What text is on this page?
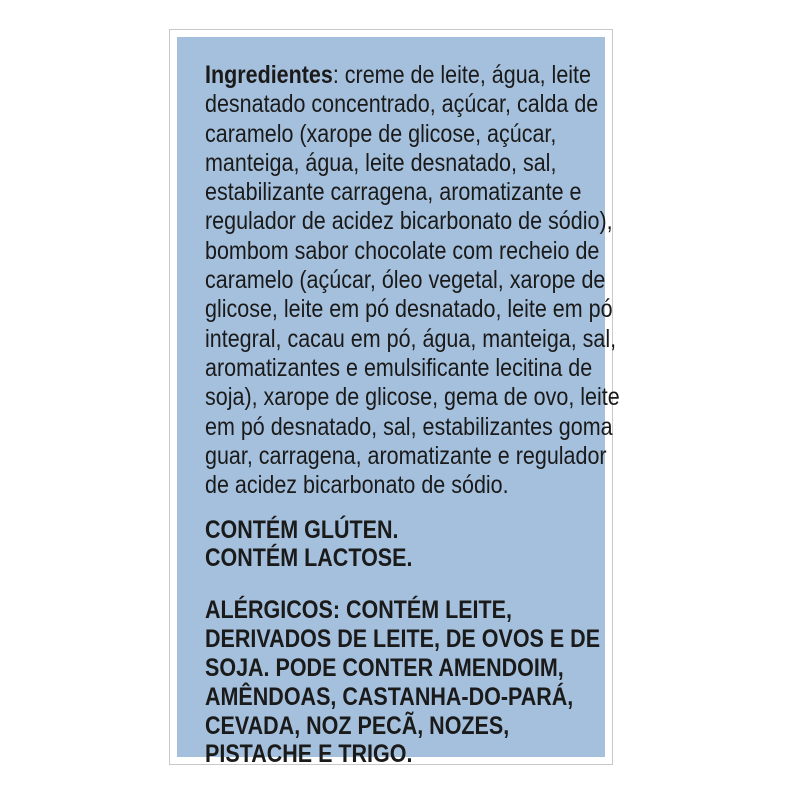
Ingredientes: creme de leite, água, leite
desnatado concentrado, açúcar, calda de
caramelo (xarope de glicose, açúcar,
manteiga, água, leite desnatado, sal,
estabilizante carragena, aromatizante e
regulador de acidez bicarbonato de sódio),
bombom sabor chocolate com recheio de
caramelo (açúcar, óleo vegetal, xarope de
glicose, leite em pó desnatado, leite em pó
integral, cacau em pó, água, manteiga, sal,
aromatizantes e emulsificante lecitina de
soja), xarope de glicose, gema de ovo, leite
em pó desnatado, sal, estabilizantes goma
guar, carragena, aromatizante e regulador
de acidez bicarbonato de sódio.

CONTÉM GLÚTEN.
CONTÉM LACTOSE.

ALÉRGICOS: CONTÉM LEITE,
DERIVADOS DE LEITE, DE OVOS E DE
SOJA. PODE CONTER AMENDOIM,
AMÊNDOAS, CASTANHA-DO-PARÁ,
CEVADA, NOZ PECÃ, NOZES,
PISTACHE E TRIGO.
